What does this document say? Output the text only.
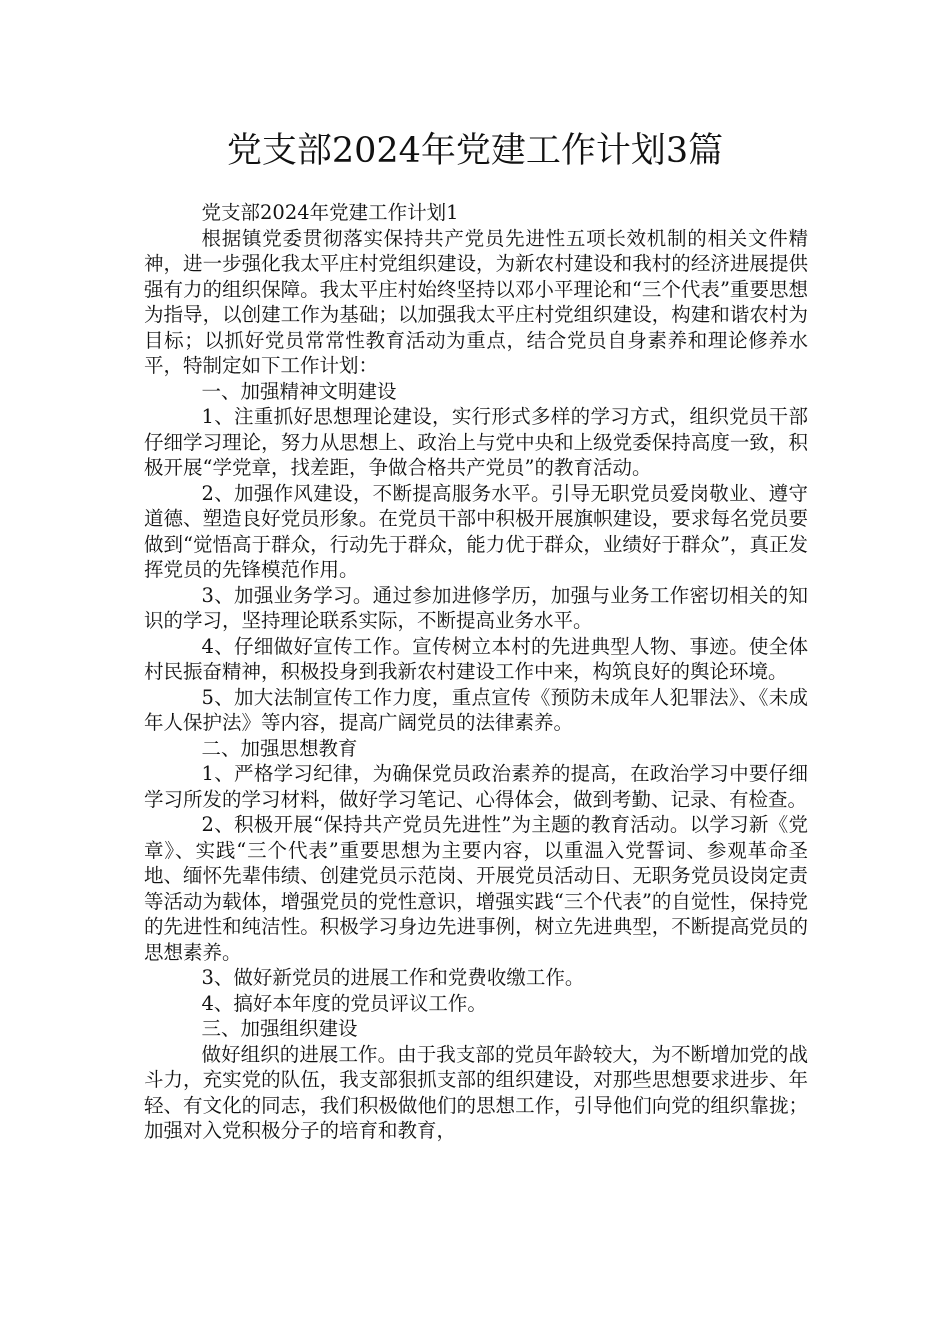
党支部2024年党建工作计划3篇

党支部2024年党建工作计划1

根据镇党委贯彻落实保持共产党员先进性五项长效机制的相关文件精神，进一步强化我太平庄村党组织建设，为新农村建设和我村的经济进展提供强有力的组织保障。我太平庄村始终坚持以邓小平理论和“三个代表”重要思想为指导，以创建工作为基础；以加强我太平庄村党组织建设，构建和谐农村为目标；以抓好党员常常性教育活动为重点，结合党员自身素养和理论修养水平，特制定如下工作计划：

一、加强精神文明建设

1、注重抓好思想理论建设，实行形式多样的学习方式，组织党员干部仔细学习理论，努力从思想上、政治上与党中央和上级党委保持高度一致，积极开展“学党章，找差距，争做合格共产党员”的教育活动。

2、加强作风建设，不断提高服务水平。引导无职党员爱岗敬业、遵守道德、塑造良好党员形象。在党员干部中积极开展旗帜建设，要求每名党员要做到“觉悟高于群众，行动先于群众，能力优于群众，业绩好于群众”，真正发挥党员的先锋模范作用。

3、加强业务学习。通过参加进修学历，加强与业务工作密切相关的知识的学习，坚持理论联系实际，不断提高业务水平。

4、仔细做好宣传工作。宣传树立本村的先进典型人物、事迹。使全体村民振奋精神，积极投身到我新农村建设工作中来，构筑良好的舆论环境。

5、加大法制宣传工作力度，重点宣传《预防未成年人犯罪法》、《未成年人保护法》等内容，提高广阔党员的法律素养。

二、加强思想教育

1、严格学习纪律，为确保党员政治素养的提高，在政治学习中要仔细学习所发的学习材料，做好学习笔记、心得体会，做到考勤、记录、有检查。

2、积极开展“保持共产党员先进性”为主题的教育活动。以学习新《党章》、实践“三个代表”重要思想为主要内容，以重温入党誓词、参观革命圣地、缅怀先辈伟绩、创建党员示范岗、开展党员活动日、无职务党员设岗定责等活动为载体，增强党员的党性意识，增强实践“三个代表”的自觉性，保持党的先进性和纯洁性。积极学习身边先进事例，树立先进典型，不断提高党员的思想素养。

3、做好新党员的进展工作和党费收缴工作。

4、搞好本年度的党员评议工作。

三、加强组织建设

做好组织的进展工作。由于我支部的党员年龄较大，为不断增加党的战斗力，充实党的队伍，我支部狠抓支部的组织建设，对那些思想要求进步、年轻、有文化的同志，我们积极做他们的思想工作，引导他们向党的组织靠拢；加强对入党积极分子的培育和教育，
